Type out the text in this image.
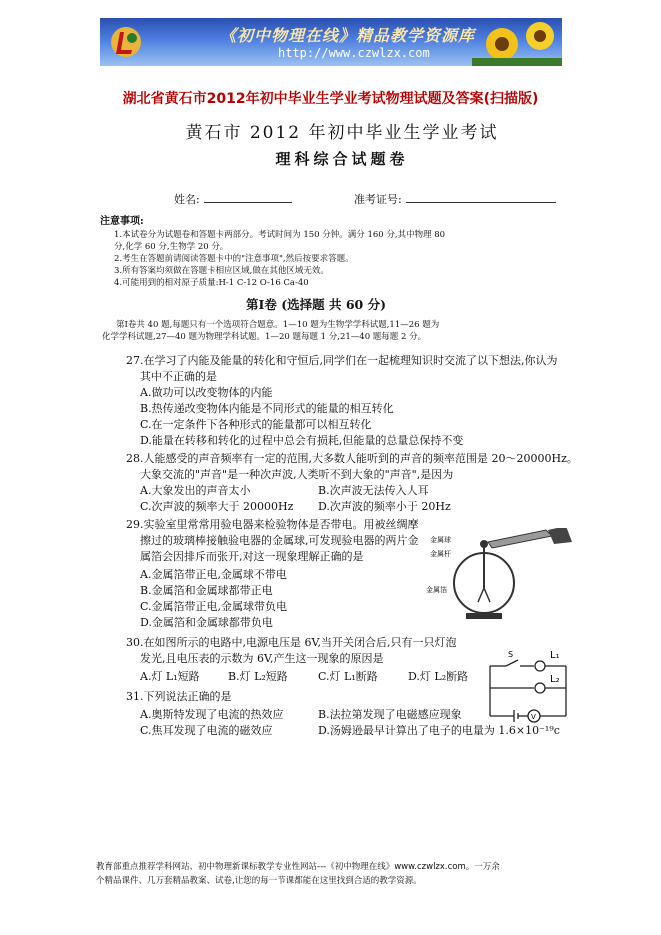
《初中物理在线》精品教学资源库
http://www.czwlzx.com
湖北省黄石市2012年初中毕业生学业考试物理试题及答案(扫描版)
黄石市 2012 年初中毕业生学业考试
理科综合试题卷
姓名:	准考证号:
注意事项:
1.本试卷分为试题卷和答题卡两部分。考试时间为 150 分钟。满分 160 分,其中物理 80
分,化学 60 分,生物学 20 分。
2.考生在答题前请阅读答题卡中的"注意事项",然后按要求答题。
3.所有答案均须做在答题卡相应区域,做在其他区域无效。
4.可能用到的相对原子质量:H-1 C-12 O-16 Ca-40
第Ⅰ卷 (选择题 共 60 分)
第Ⅰ卷共 40 题,每题只有一个选项符合题意。1—10 题为生物学学科试题,11—26 题为
化学学科试题,27—40 题为物理学科试题。1—20 题每题 1 分,21—40 题每题 2 分。
27.在学习了内能及能量的转化和守恒后,同学们在一起梳理知识时交流了以下想法,你认为
其中不正确的是
A.做功可以改变物体的内能
B.热传递改变物体内能是不同形式的能量的相互转化
C.在一定条件下各种形式的能量都可以相互转化
D.能量在转移和转化的过程中总会有损耗,但能量的总量总保持不变
28.人能感受的声音频率有一定的范围,大多数人能听到的声音的频率范围是 20～20000Hz。
大象交流的"声音"是一种次声波,人类听不到大象的"声音",是因为
A.大象发出的声音太小	B.次声波无法传入人耳
C.次声波的频率大于 20000Hz D.次声波的频率小于 20Hz
29.实验室里常常用验电器来检验物体是否带电。用被丝绸摩
擦过的玻璃棒接触验电器的金属球,可发现验电器的两片金
属箔会因排斥而张开,对这一现象理解正确的是
A.金属箔带正电,金属球不带电
B.金属箔和金属球都带正电
C.金属箔带正电,金属球带负电
D.金属箔和金属球都带负电
金属球
金属杆
金属箔
30.在如图所示的电路中,电源电压是 6V,当开关闭合后,只有一只灯泡
发光,且电压表的示数为 6V,产生这一现象的原因是
A.灯 L₁短路	B.灯 L₂短路	C.灯 L₁断路	D.灯 L₂断路
S	L₁
L₂
V
31.下列说法正确的是
A.奥斯特发现了电流的热效应	B.法拉第发现了电磁感应现象
C.焦耳发现了电流的磁效应	D.汤姆逊最早计算出了电子的电量为 1.6×10⁻¹⁹c
教育部重点推荐学科网站、初中物理新课标教学专业性网站---《初中物理在线》www.czwlzx.com。一万余
个精品课件、几万套精品教案、试卷,让您的每一节课都能在这里找到合适的教学资源。
